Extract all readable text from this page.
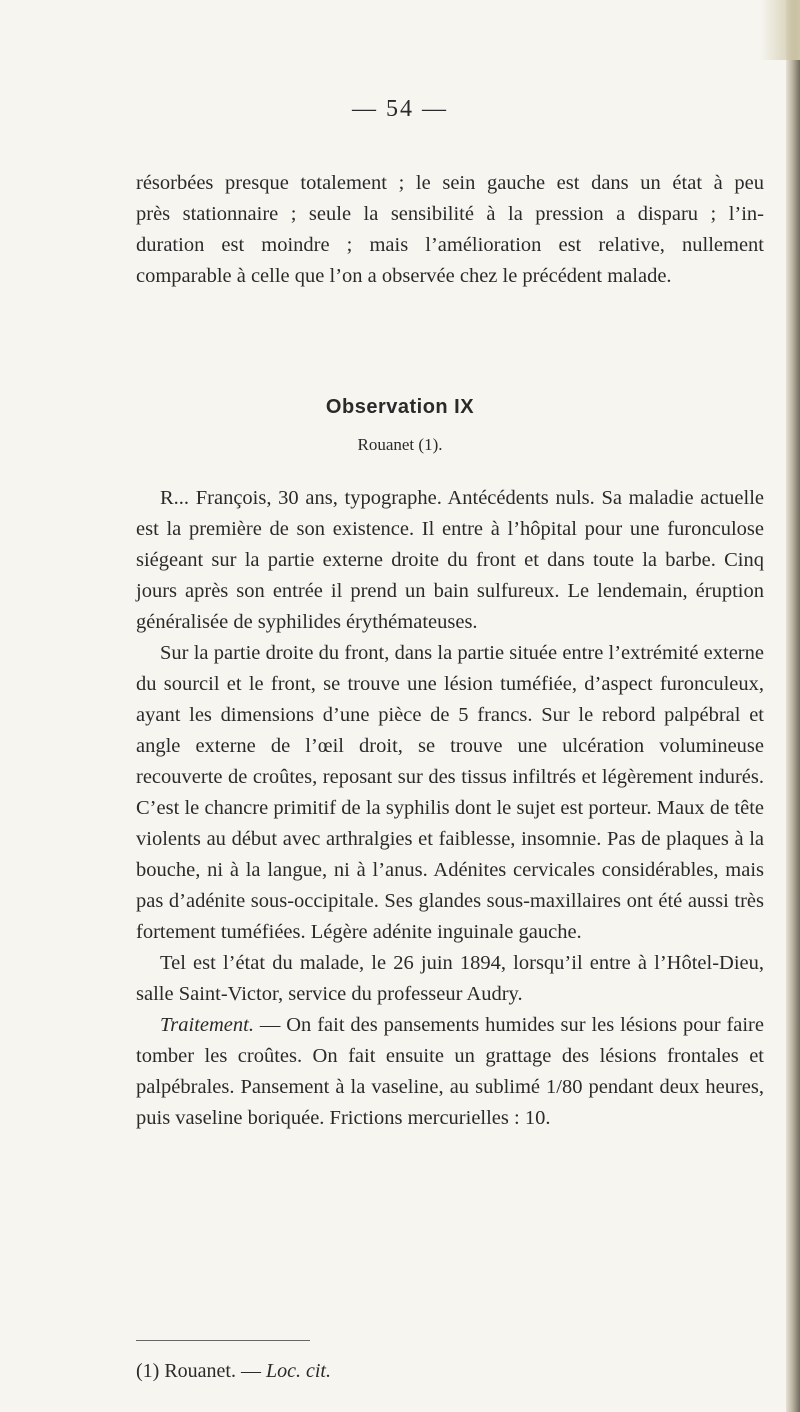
— 54 —

résorbées presque totalement ; le sein gauche est dans un état à peu

près stationnaire ; seule la sensibilité à la pression a disparu ; l’in-

duration est moindre ; mais l’amélioration est relative, nullement

comparable à celle que l’on a observée chez le précédent malade.

Observation IX
Rouanet (1).

R... François, 30 ans, typographe. Antécédents nuls. Sa maladie actuelle est la première de son existence. Il entre à l’hôpital pour une furonculose siégeant sur la partie externe droite du front et dans toute la barbe. Cinq jours après son entrée il prend un bain sulfureux. Le lendemain, éruption généralisée de syphilides érythémateuses.

Sur la partie droite du front, dans la partie située entre l’extrémité externe du sourcil et le front, se trouve une lésion tuméfiée, d’aspect furonculeux, ayant les dimensions d’une pièce de 5 francs. Sur le rebord palpébral et angle externe de l’œil droit, se trouve une ulcération volumineuse recouverte de croûtes, reposant sur des tissus infiltrés et légèrement indurés. C’est le chancre primitif de la syphilis dont le sujet est porteur. Maux de tête violents au début avec arthralgies et faiblesse, insomnie. Pas de plaques à la bouche, ni à la langue, ni à l’anus. Adénites cervicales considérables, mais pas d’adénite sous-occipitale. Ses glandes sous-maxillaires ont été aussi très fortement tuméfiées. Légère adénite inguinale gauche.

Tel est l’état du malade, le 26 juin 1894, lorsqu’il entre à l’Hôtel-Dieu, salle Saint-Victor, service du professeur Audry.

Traitement. — On fait des pansements humides sur les lésions pour faire tomber les croûtes. On fait ensuite un grattage des lésions frontales et palpébrales. Pansement à la vaseline, au sublimé 1/80 pendant deux heures, puis vaseline boriquée. Frictions mercurielles : 10.

(1) Rouanet. — Loc. cit.
